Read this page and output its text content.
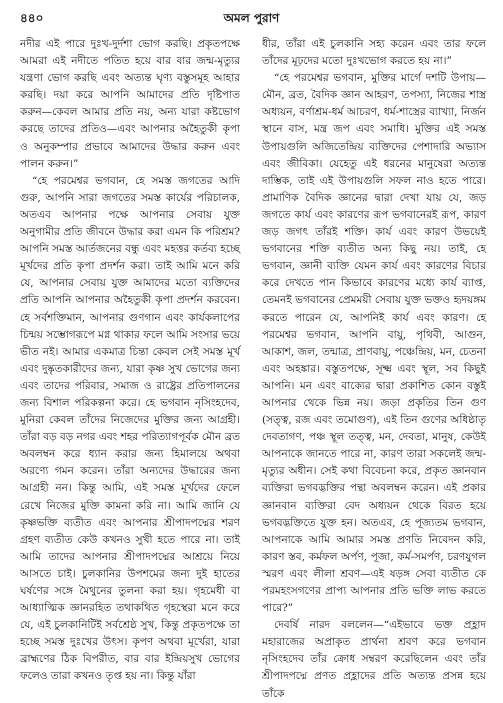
৪৪০	অমল পুরাণ

নদীর এই পারে দুঃখ-দুর্দশা ভোগ করছি। প্রকৃতপক্ষে আমরা এই নদীতে পতিত হয়ে বার বার জন্ম-মৃত্যুর যন্ত্রণা ভোগ করছি এবং অত্যন্ত ঘৃণ্য বস্তুসমূহ আহার করছি। দয়া করে আপনি আমাদের প্রতি দৃষ্টিপাত করুন—কেবল আমার প্রতি নয়, অন্য যারা কষ্টভোগ করছে তাদের প্রতিও—এবং আপনার অহৈতুকী কৃপা ও অনুকম্পার প্রভাবে আমাদের উদ্ধার করুন এবং পালন করুন।”

“হে পরমেশ্বর ভগবান, হে সমস্ত জগতের আদি গুরু, আপনি সারা জগতের সমস্ত কার্যের পরিচালক, অতএব আপনার পক্ষে আপনার সেবায় যুক্ত অনুগামীর প্রতি জীবনে উদ্ধার করা এমন কি পরিশ্রম? আপনি সমস্ত আর্তজনের বন্ধু এবং মহত্তর কর্তব্য হচ্ছে মূর্খদের প্রতি কৃপা প্রদর্শন করা। তাই আমি মনে করি যে, আপনার সেবায় যুক্ত আমাদের মতো ব্যক্তিদের প্রতি আপনি আপনার অহৈতুকী কৃপা প্রদর্শন করবেন। হে সর্বশক্তিমান, আপনার গুণগান এবং কার্যকলাপের চিন্ময় সম্ভোগরূপে মগ্ন থাকার ফলে আমি সংসার ভয়ে ভীত নই। আমার একমাত্র চিন্তা কেবল সেই সমস্ত মূর্খ এবং দুষ্কৃতকারীদের জন্য, যারা কৃষ্ণ সুখ ভোগের জন্য এবং তাদের পরিবার, সমাজ ও রাষ্ট্রের প্রতিপালনের জন্য বিশাল পরিকল্পনা করে। হে ভগবান নৃসিংহদেব, মুনিরা কেবল তাঁদের নিজেদের মুক্তির জন্য আগ্রহী। তাঁরা বড় বড় নগর এবং শহর পরিত্যাগপূর্বক মৌন ব্রত অবলম্বন করে ধ্যান করার জন্য হিমালয়ে অথবা অরণ্যে গমন করেন। তাঁরা অন্যদের উদ্ধারের জন্য আগ্রহী নন। কিন্তু আমি, এই সমস্ত মূর্খদের ফেলে রেখে নিজের মুক্তি কামনা করি না। আমি জানি যে কৃষ্ণভক্তি ব্যতীত এবং আপনার শ্রীপাদপদ্মের শরণ গ্রহণ ব্যতীত কেউ কখনও সুখী হতে পারে না। তাই আমি তাদের আপনার শ্রীপাদপদ্মের আশ্রয়ে নিয়ে আসতে চাই। চুলকানির উপশমের জন্য দুই হাতের ঘর্ষণের সঙ্গে মৈথুনের তুলনা করা হয়। গৃহমেধী বা আধ্যাত্মিক জ্ঞানরহিত তথাকথিত গৃহস্থেরা মনে করে যে, এই চুলকানিটিই সর্বশ্রেষ্ঠ সুখ, কিন্তু প্রকৃতপক্ষে তা হচ্ছে সমস্ত দুঃখের উৎস। কৃপণ অথবা মূর্খেরা, যারা ব্রাহ্মণের ঠিক বিপরীত, বার বার ইন্দ্রিয়সুখ ভোগের ফলেও তারা কখনও তৃপ্ত হয় না। কিন্তু যাঁরা

ধীর, তাঁরা এই চুলকানি সহ্য করেন এবং তার ফলে তাঁদের মূঢ়দের মতো দুঃখভোগ করতে হয় না।”

“হে পরমেশ্বর ভগবান, মুক্তির মার্গে দশটি উপায়—মৌন, ব্রত, বৈদিক জ্ঞান আহরণ, তপস্যা, নিজের শাস্ত্র অধ্যয়ন, বর্ণাশ্রম-ধর্ম আচরণ, ধর্ম-শাস্ত্রের ব্যাখ্যা, নির্জন স্থানে বাস, মন্ত্র জপ এবং সমাধি। মুক্তির এই সমস্ত উপায়গুলি অজিতেন্দ্রিয় ব্যক্তিদের পেশাদারি অভ্যাস এবং জীবিকা। যেহেতু এই ধরনের মানুষেরা অত্যন্ত দাম্ভিক, তাই এই উপায়গুলি সফল নাও হতে পারে। প্রামাণিক বৈদিক জ্ঞানের দ্বারা দেখা যায় যে, জড় জগতে কার্য এবং কারণের রূপ ভগবানেরই রূপ, কারণ জড় জগৎ তাঁরই শক্তি। কার্য এবং কারণ উভয়েই ভগবানের শক্তি ব্যতীত অন্য কিছু নয়। তাই, হে ভগবান, জ্ঞানী ব্যক্তি যেমন কার্য এবং কারণের বিচার করে দেখতে পান কিভাবে কারণের মধ্যে কার্য ব্যাপ্ত, তেমনই ভগবানের প্রেমময়ী সেবায় যুক্ত ভক্তও হৃদয়ঙ্গম করতে পারেন যে, আপনিই কার্য এবং কারণ। হে পরমেশ্বর ভগবান, আপনি বায়ু, পৃথিবী, আগুন, আকাশ, জল, তন্মাত্র, প্রাণবায়ু, পঞ্চেন্দ্রিয়, মন, চেতনা এবং অহঙ্কার। বস্তুতপক্ষে, সূক্ষ্ম এবং স্থূল, সব কিছুই আপনি। মন এবং বাক্যের দ্বারা প্রকাশিত কোন বস্তুই আপনার থেকে ভিন্ন নয়। জড়া প্রকৃতির তিন গুণ (সত্ত্ব, রজ এবং তমোগুণ), এই তিন গুণের অধিষ্ঠাতৃ দেবতাগণ, পঞ্চ স্থূল তত্ত্ব, মন, দেবতা, মানুষ, কেউই আপনাকে জানতে পারে না, কারণ তারা সকলেই জন্ম-মৃত্যুর অধীন। সেই কথা বিবেচনা করে, প্রকৃত জ্ঞানবান ব্যক্তিরা ভগবদ্ভক্তির পন্থা অবলম্বন করেন। এই প্রকার জ্ঞানবান ব্যক্তিরা বেদ অধ্যয়ন থেকে বিরত হয়ে ভগবদ্ভক্তিতে যুক্ত হন। অতএব, হে পূজ্যতম ভগবান, আপনাকে আমি আমার সমস্ত প্রণতি নিবেদন করি, কারণ স্তব, কর্মফল অর্পণ, পূজা, কর্ম-সমর্পণ, চরণযুগল স্মরণ এবং লীলা শ্রবণ—এই ষড়ঙ্গ সেবা ব্যতীত কে পরমহংসগণের প্রাপ্য আপনার প্রতি ভক্তি লাভ করতে পারে?”

দেবর্ষি নারদ বললেন—“এইভাবে ভক্ত প্রহ্লাদ মহারাজের অপ্রাকৃত প্রার্থনা শ্রবণ করে ভগবান নৃসিংহদেব তাঁর ক্রোধ সম্বরণ করেছিলেন এবং তাঁর শ্রীপাদপদ্মে প্রণত প্রহ্লাদের প্রতি অত্যন্ত প্রসন্ন হয়ে তাঁকে
